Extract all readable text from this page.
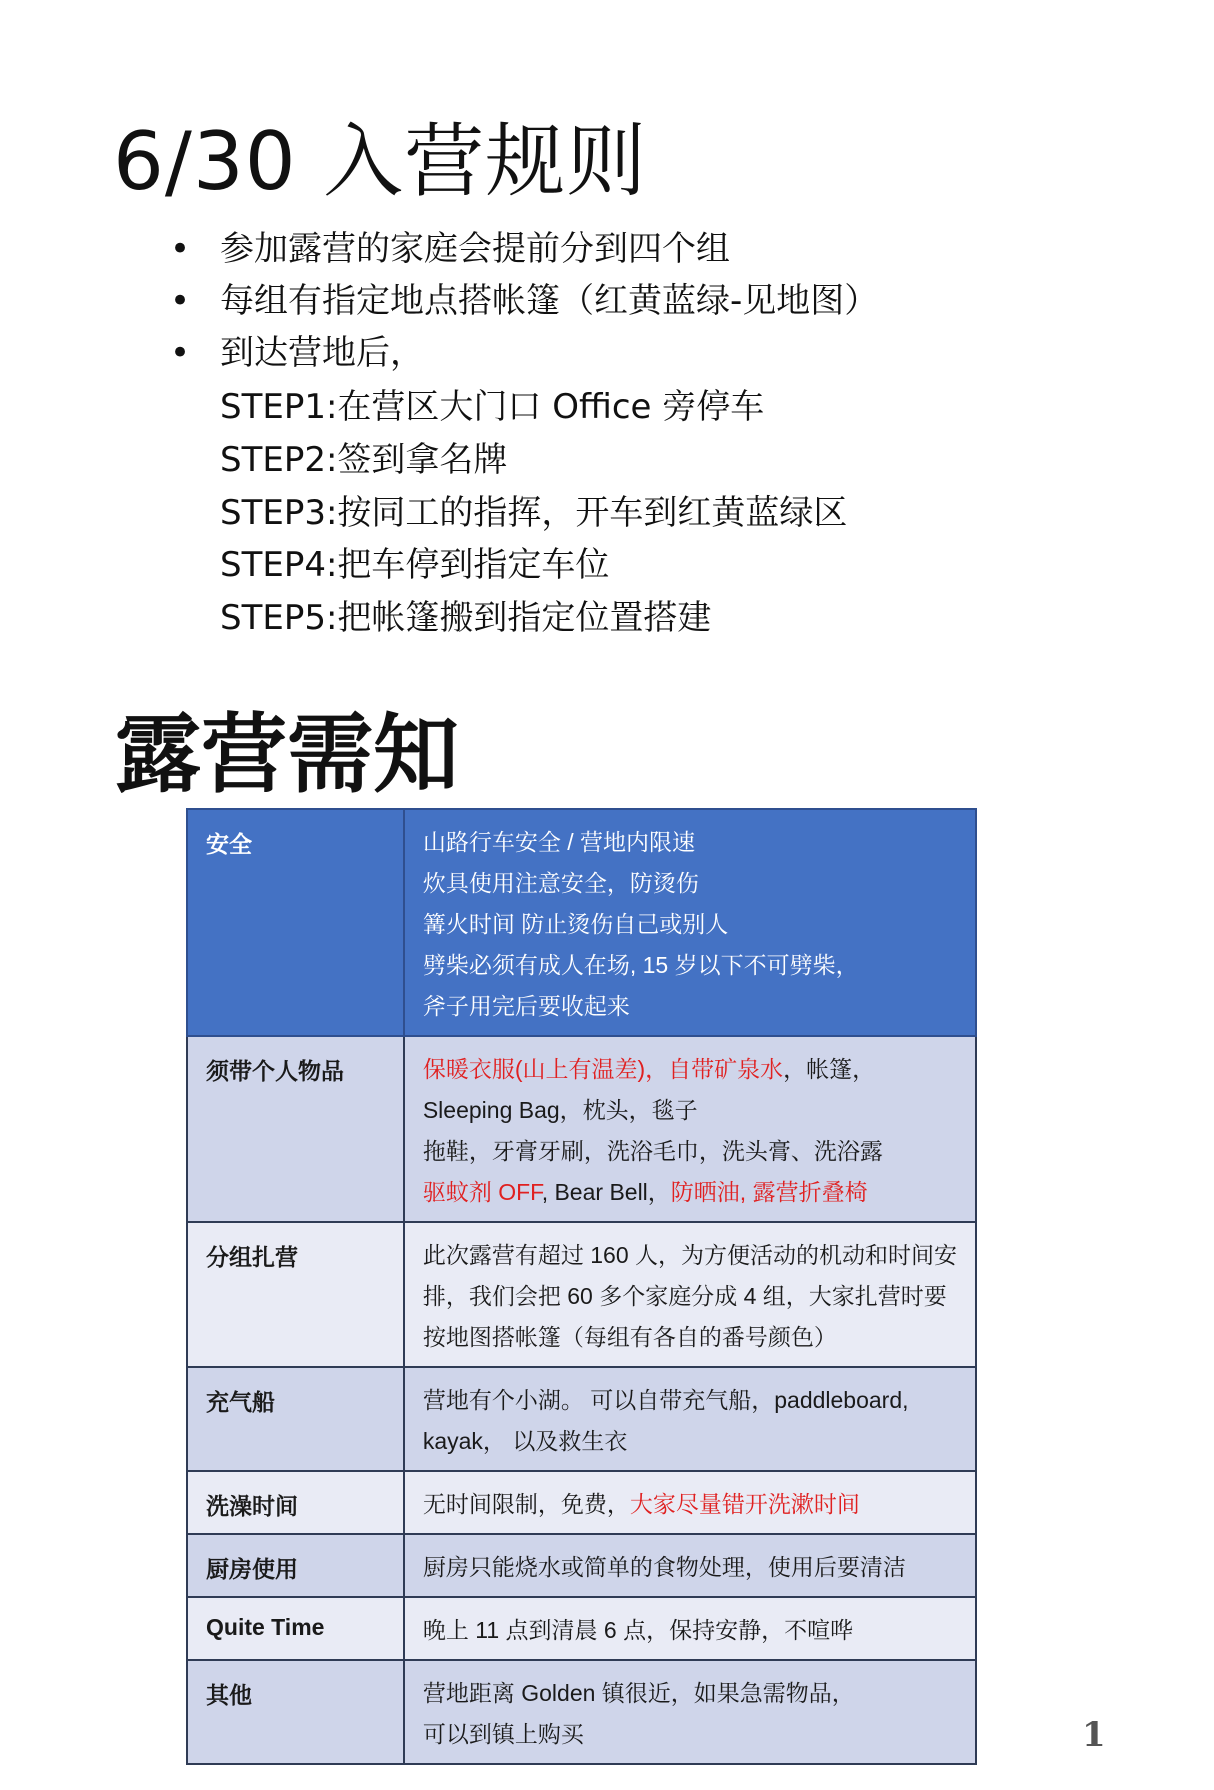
6/30 入营规则
• 参加露营的家庭会提前分到四个组
• 每组有指定地点搭帐篷（红黄蓝绿-见地图）
• 到达营地后，
STEP1:在营区大门口 Office 旁停车
STEP2:签到拿名牌
STEP3:按同工的指挥，开车到红黄蓝绿区
STEP4:把车停到指定车位
STEP5:把帐篷搬到指定位置搭建
露营需知
安全	山路行车安全 / 营地内限速
炊具使用注意安全，防烫伤
篝火时间 防止烫伤自己或别人
劈柴必须有成人在场, 15 岁以下不可劈柴，
斧子用完后要收起来

须带个人物品	保暖衣服(山上有温差)，自带矿泉水，帐篷，
Sleeping Bag，枕头，毯子
拖鞋，牙膏牙刷，洗浴毛巾，洗头膏、洗浴露
驱蚊剂 OFF, Bear Bell，防晒油, 露营折叠椅

分组扎营	此次露营有超过 160 人，为方便活动的机动和时间安
排，我们会把 60 多个家庭分成 4 组，大家扎营时要
按地图搭帐篷（每组有各自的番号颜色）

充气船	营地有个小湖。 可以自带充气船，paddleboard,
kayak， 以及救生衣

洗澡时间	无时间限制，免费，大家尽量错开洗漱时间

厨房使用	厨房只能烧水或简单的食物处理，使用后要清洁

Quite Time	晚上 11 点到清晨 6 点，保持安静，不喧哗

其他	营地距离 Golden 镇很近，如果急需物品，
可以到镇上购买	1
